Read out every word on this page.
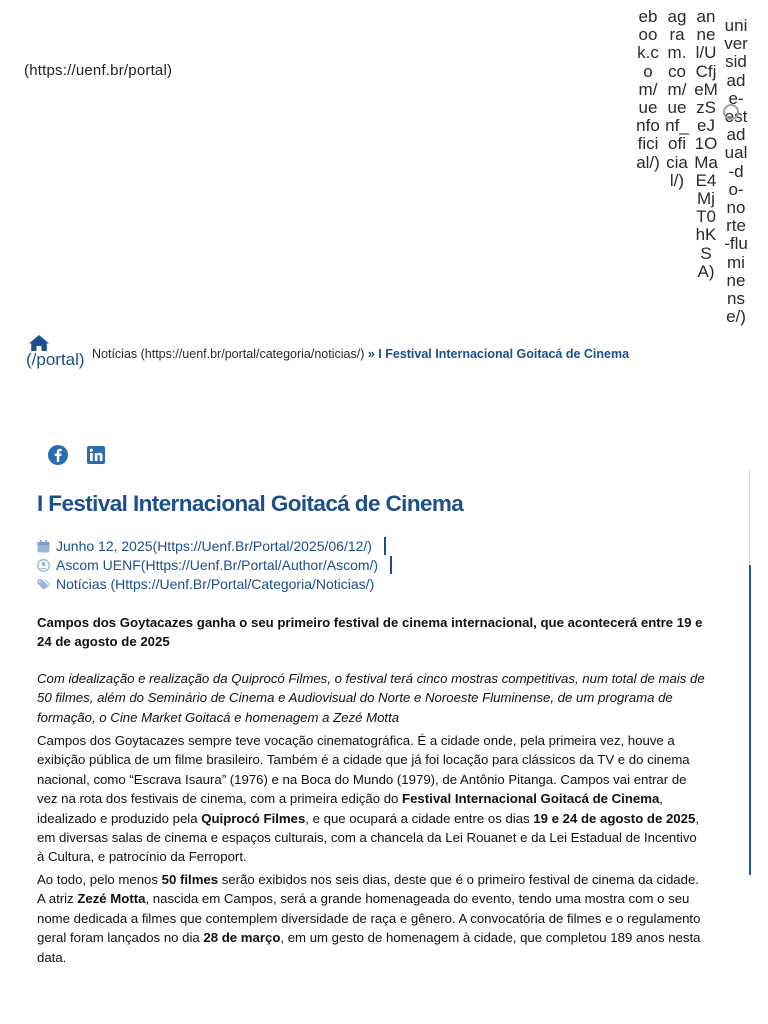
(https://uenf.br/portal)
ebook.com/uenfoficial/)
agram.com/uenf_oficial/)
annel/UCfjeMzSeJ1OMaE4MjT0hKSA)
universidade-estadual-do-norte-fluminense/)
(/portal) Notícias (https://uenf.br/portal/categoria/noticias/) » I Festival Internacional Goitacá de Cinema
I Festival Internacional Goitacá de Cinema
Junho 12, 2025(Https://Uenf.Br/Portal/2025/06/12/)
Ascom UENF(Https://Uenf.Br/Portal/Author/Ascom/)
Notícias (Https://Uenf.Br/Portal/Categoria/Noticias/)

Campos dos Goytacazes ganha o seu primeiro festival de cinema internacional, que acontecerá entre 19 e 24 de agosto de 2025

Com idealização e realização da Quiprocó Filmes, o festival terá cinco mostras competitivas, num total de mais de 50 filmes, além do Seminário de Cinema e Audiovisual do Norte e Noroeste Fluminense, de um programa de formação, o Cine Market Goitacá e homenagem a Zezé Motta

Campos dos Goytacazes sempre teve vocação cinematográfica. É a cidade onde, pela primeira vez, houve a exibição pública de um filme brasileiro. Também é a cidade que já foi locação para clássicos da TV e do cinema nacional, como “Escrava Isaura” (1976) e na Boca do Mundo (1979), de Antônio Pitanga. Campos vai entrar de vez na rota dos festivais de cinema, com a primeira edição do Festival Internacional Goitacá de Cinema, idealizado e produzido pela Quiprocó Filmes, e que ocupará a cidade entre os dias 19 e 24 de agosto de 2025, em diversas salas de cinema e espaços culturais, com a chancela da Lei Rouanet e da Lei Estadual de Incentivo à Cultura, e patrocínio da Ferroport.

Ao todo, pelo menos 50 filmes serão exibidos nos seis dias, deste que é o primeiro festival de cinema da cidade. A atriz Zezé Motta, nascida em Campos, será a grande homenageada do evento, tendo uma mostra com o seu nome dedicada a filmes que contemplem diversidade de raça e gênero. A convocatória de filmes e o regulamento geral foram lançados no dia 28 de março, em um gesto de homenagem à cidade, que completou 189 anos nesta data.
